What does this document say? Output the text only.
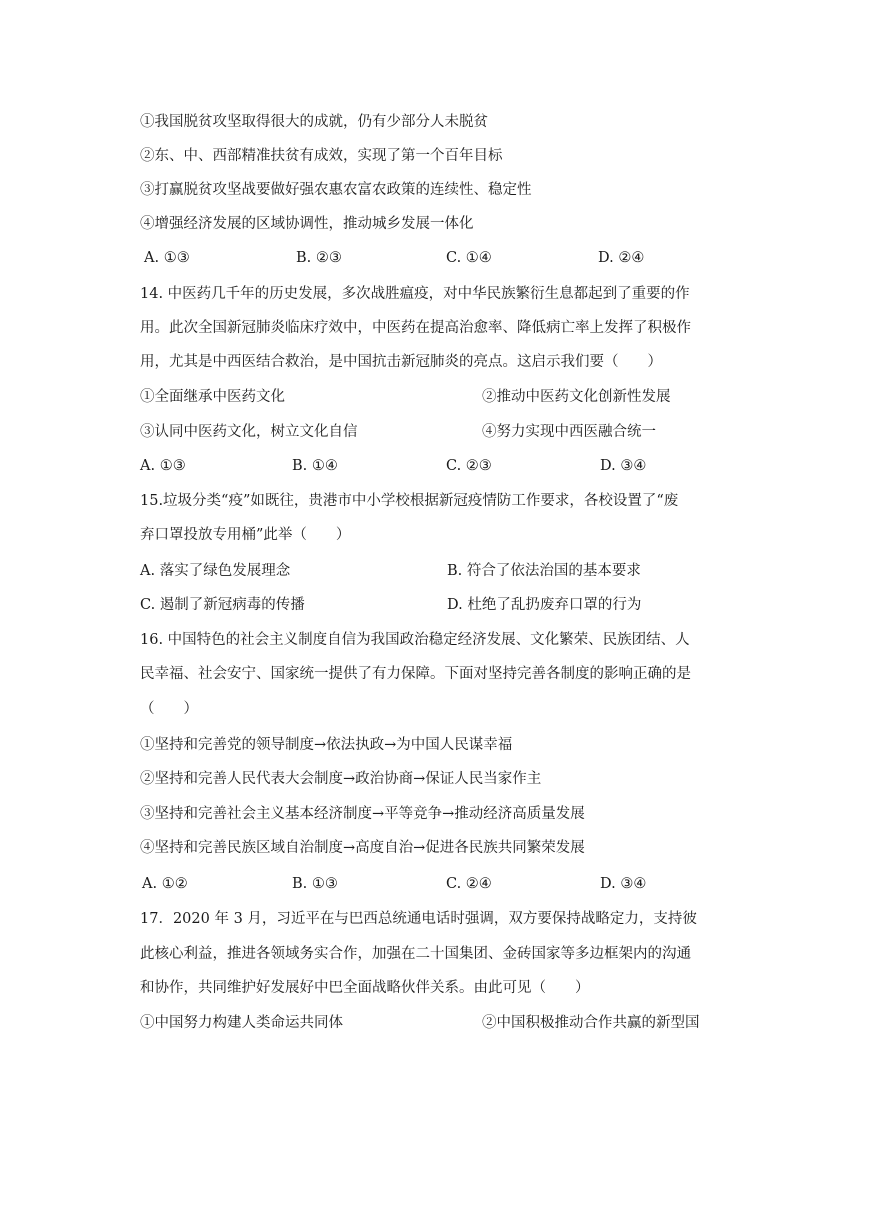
①我国脱贫攻坚取得很大的成就，仍有少部分人未脱贫
②东、中、西部精准扶贫有成效，实现了第一个百年目标
③打赢脱贫攻坚战要做好强农惠农富农政策的连续性、稳定性
④增强经济发展的区域协调性，推动城乡发展一体化
A. ①③	B. ②③	C. ①④	D. ②④
14. 中医药几千年的历史发展，多次战胜瘟疫，对中华民族繁衍生息都起到了重要的作
用。此次全国新冠肺炎临床疗效中，中医药在提高治愈率、降低病亡率上发挥了积极作
用，尤其是中西医结合救治，是中国抗击新冠肺炎的亮点。这启示我们要（　　）
①全面继承中医药文化	②推动中医药文化创新性发展
③认同中医药文化，树立文化自信	④努力实现中西医融合统一
A. ①③	B. ①④	C. ②③	D. ③④
15.垃圾分类“疫”如既往，贵港市中小学校根据新冠疫情防工作要求，各校设置了“废
弃口罩投放专用桶”此举（　　）
A. 落实了绿色发展理念	B. 符合了依法治国的基本要求
C. 遏制了新冠病毒的传播	D. 杜绝了乱扔废弃口罩的行为
16. 中国特色的社会主义制度自信为我国政治稳定经济发展、文化繁荣、民族团结、人
民幸福、社会安宁、国家统一提供了有力保障。下面对坚持完善各制度的影响正确的是
（　　）
①坚持和完善党的领导制度→依法执政→为中国人民谋幸福
②坚持和完善人民代表大会制度→政治协商→保证人民当家作主
③坚持和完善社会主义基本经济制度→平等竞争→推动经济高质量发展
④坚持和完善民族区域自治制度→高度自治→促进各民族共同繁荣发展
A. ①②	B. ①③	C. ②④	D. ③④
17．2020 年 3 月，习近平在与巴西总统通电话时强调，双方要保持战略定力，支持彼
此核心利益，推进各领域务实合作，加强在二十国集团、金砖国家等多边框架内的沟通
和协作，共同维护好发展好中巴全面战略伙伴关系。由此可见（　　）
①中国努力构建人类命运共同体	②中国积极推动合作共赢的新型国
